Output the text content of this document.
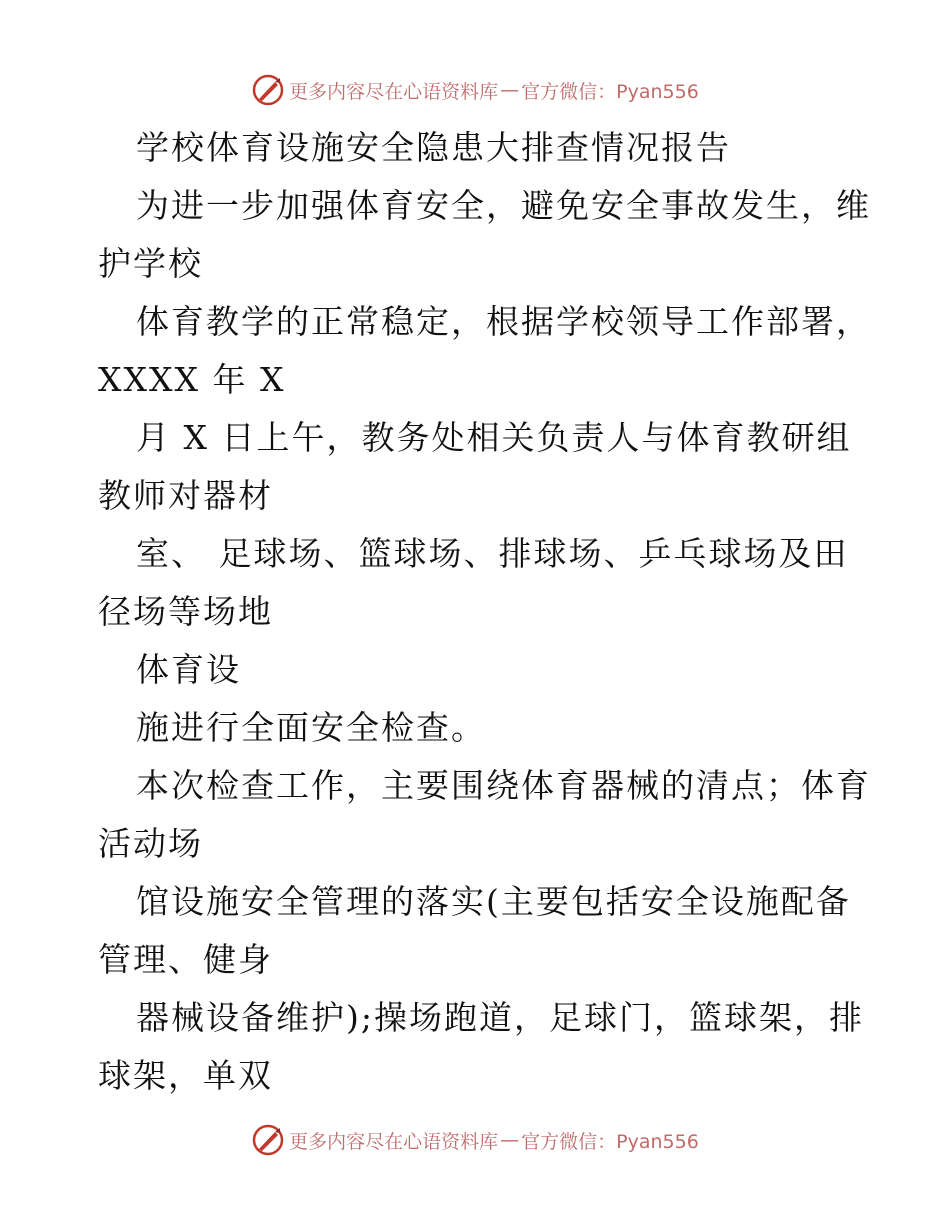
更多内容尽在心语资料库 — 官方微信：Pyan556
学校体育设施安全隐患大排查情况报告
为进一步加强体育安全，避免安全事故发生，维
护学校
体育教学的正常稳定，根据学校领导工作部署，
XXXX 年 X
月 X 日上午，教务处相关负责人与体育教研组
教师对器材
室、 足球场、篮球场、排球场、乒乓球场及田
径场等场地
体育设
施进行全面安全检查。
本次检查工作，主要围绕体育器械的清点；体育
活动场
馆设施安全管理的落实(主要包括安全设施配备
管理、健身
器械设备维护);操场跑道，足球门，篮球架，排
球架，单双
更多内容尽在心语资料库 — 官方微信：Pyan556
